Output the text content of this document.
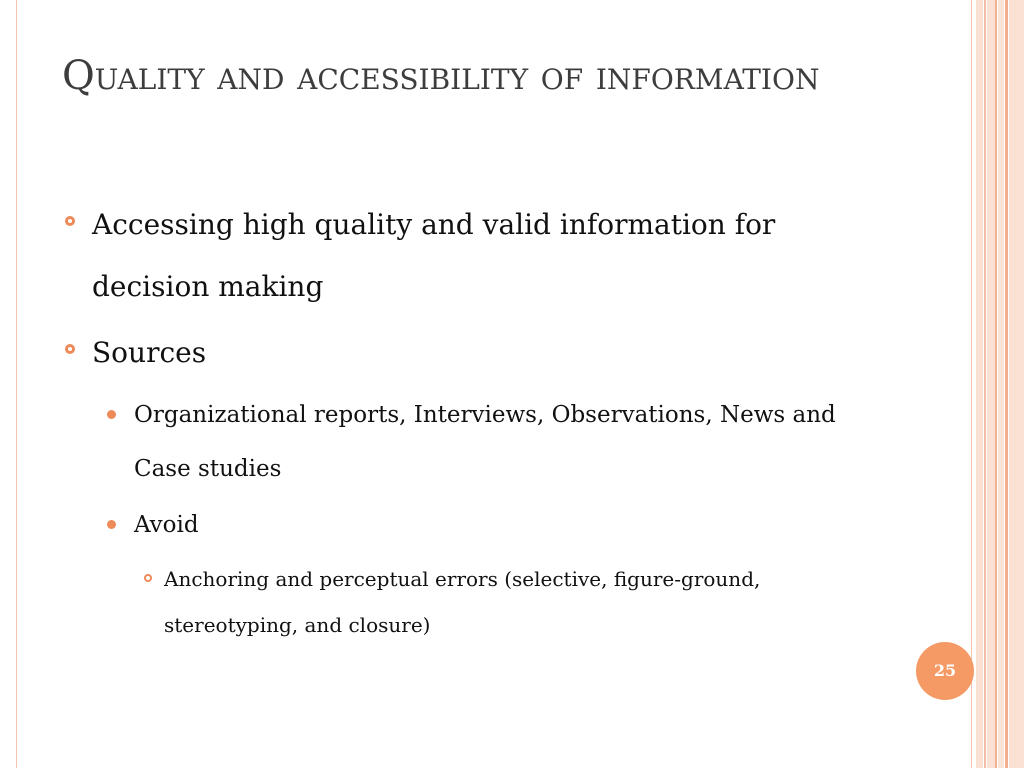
Quality and accessibility of information
Accessing high quality and valid information for decision making
Sources
Organizational reports, Interviews, Observations, News and Case studies
Avoid
Anchoring and perceptual errors (selective, figure-ground, stereotyping, and closure)
25
